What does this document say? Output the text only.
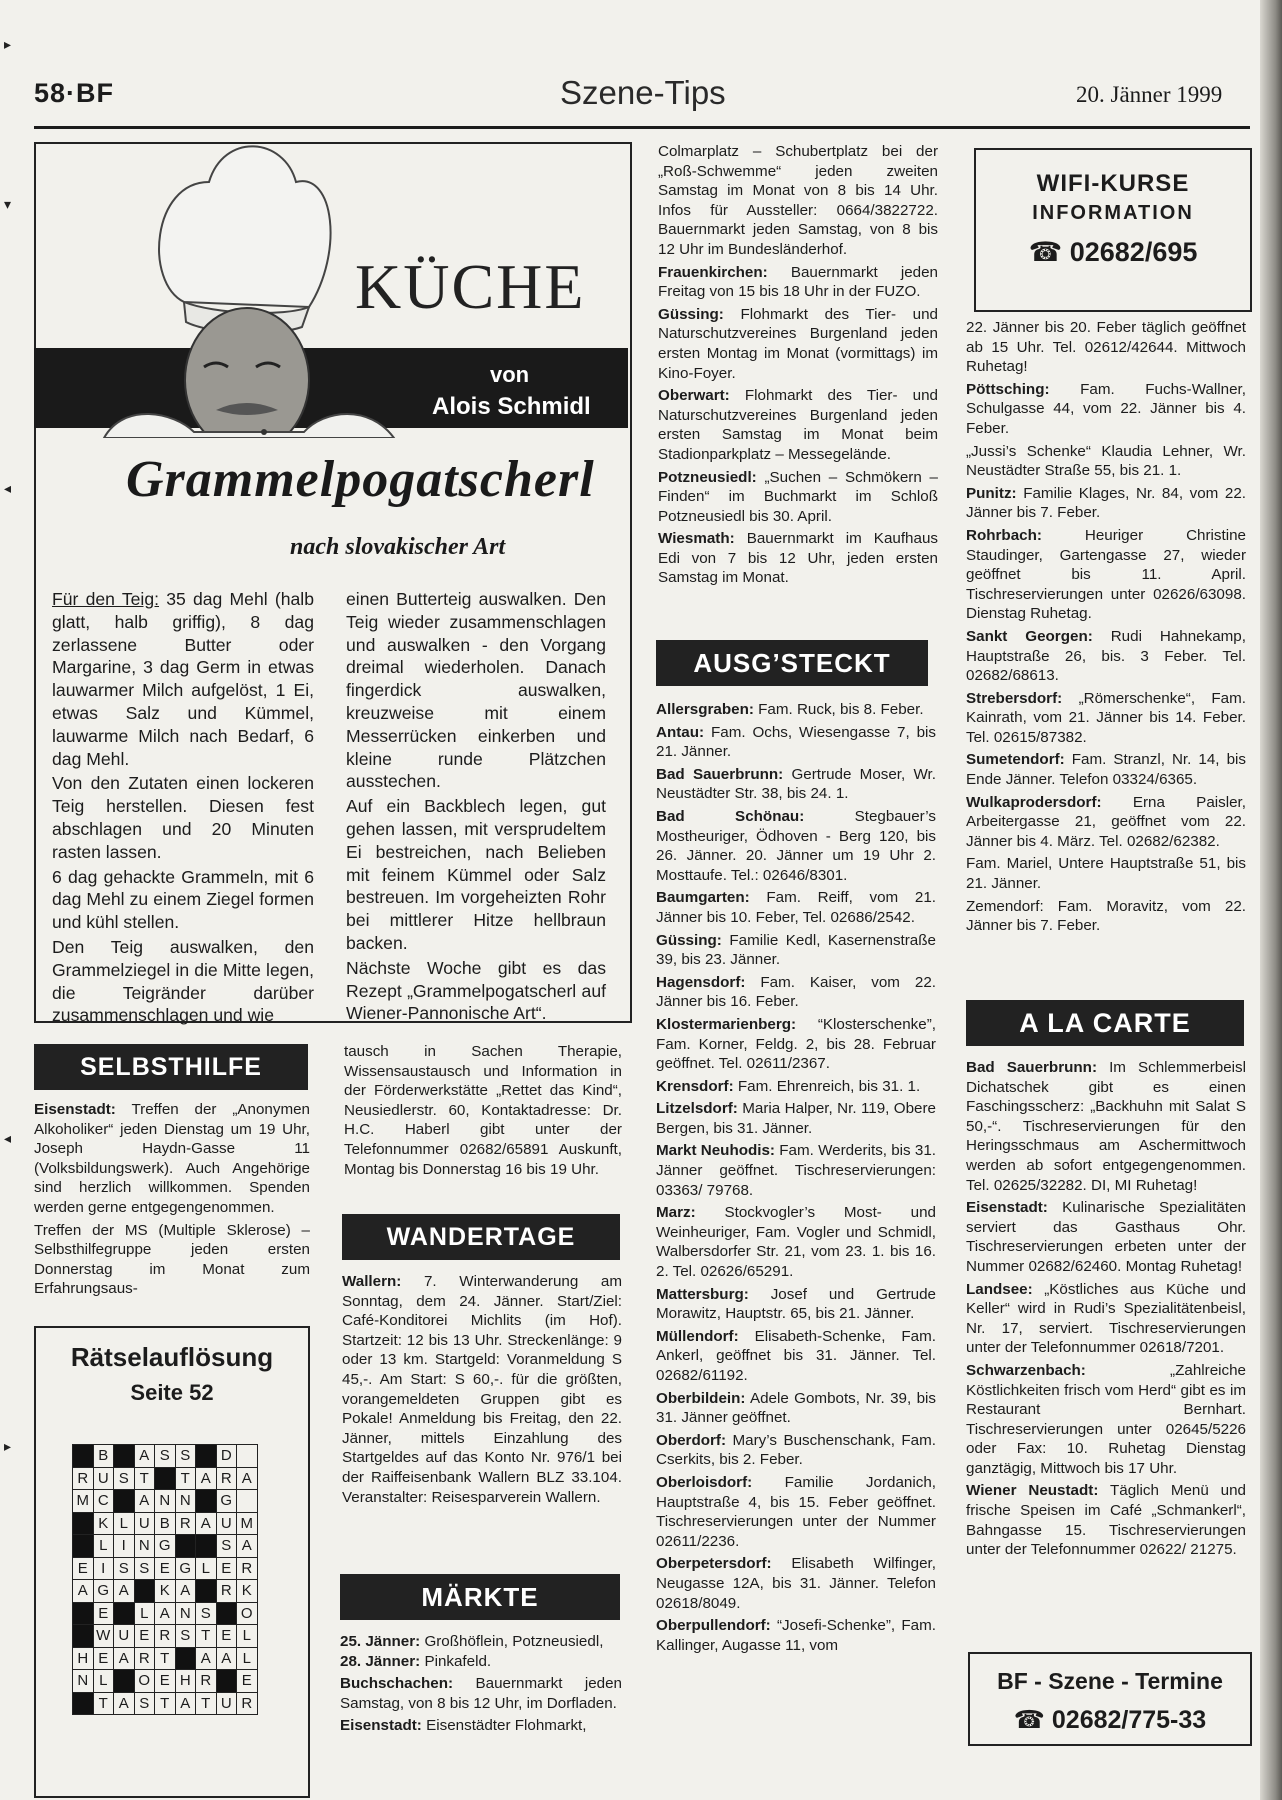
▸
▾
◂
◂
▸
58·BF	Szene-Tips	20. Jänner 1999
KÜCHE
von
Alois Schmidl
Grammelpogatscherl
nach slovakischer Art

Für den Teig: 35 dag Mehl (halb glatt, halb griffig), 8 dag zerlassene Butter oder Margarine, 3 dag Germ in etwas lauwarmer Milch aufgelöst, 1 Ei, etwas Salz und Kümmel, lauwarme Milch nach Bedarf, 6 dag Mehl.

Von den Zutaten einen lockeren Teig herstellen. Diesen fest abschlagen und 20 Minuten rasten lassen.

6 dag gehackte Grammeln, mit 6 dag Mehl zu einem Ziegel formen und kühl stellen.

Den Teig auswalken, den Grammelziegel in die Mitte legen, die Teigränder darüber zusammenschlagen und wie

einen Butterteig auswalken. Den Teig wieder zusammenschlagen und auswalken - den Vorgang dreimal wiederholen. Danach fingerdick auswalken, kreuzweise mit einem Messerrücken einkerben und kleine runde Plätzchen ausstechen.

Auf ein Backblech legen, gut gehen lassen, mit versprudeltem Ei bestreichen, nach Belieben mit feinem Kümmel oder Salz bestreuen. Im vorgeheizten Rohr bei mittlerer Hitze hellbraun backen.

Nächste Woche gibt es das Rezept „Grammelpogatscherl auf Wiener-Pannonische Art“.

Colmarplatz – Schubertplatz bei der „Roß-Schwemme“ jeden zweiten Samstag im Monat von 8 bis 14 Uhr. Infos für Aussteller: 0664/3822722. Bauernmarkt jeden Samstag, von 8 bis 12 Uhr im Bundesländerhof.

Frauenkirchen: Bauernmarkt jeden Freitag von 15 bis 18 Uhr in der FUZO.

Güssing: Flohmarkt des Tier- und Naturschutzvereines Burgenland jeden ersten Montag im Monat (vormittags) im Kino-Foyer.

Oberwart: Flohmarkt des Tier- und Naturschutzvereines Burgenland jeden ersten Samstag im Monat beim Stadionparkplatz – Messegelände.

Potzneusiedl: „Suchen – Schmökern – Finden“ im Buchmarkt im Schloß Potzneusiedl bis 30. April.

Wiesmath: Bauernmarkt im Kaufhaus Edi von 7 bis 12 Uhr, jeden ersten Samstag im Monat.

AUSG’STECKT

Allersgraben: Fam. Ruck, bis 8. Feber.

Antau: Fam. Ochs, Wiesengasse 7, bis 21. Jänner.

Bad Sauerbrunn: Gertrude Moser, Wr. Neustädter Str. 38, bis 24. 1.

Bad Schönau:	Stegbauer’s Mostheuriger, Ödhoven - Berg 120, bis 26. Jänner. 20. Jänner um 19 Uhr 2. Mosttaufe. Tel.: 02646/8301.

Baumgarten: Fam. Reiff, vom 21. Jänner bis 10. Feber, Tel. 02686/2542.

Güssing: Familie Kedl, Kasernenstraße 39, bis 23. Jänner.

Hagensdorf: Fam. Kaiser, vom 22. Jänner bis 16. Feber.

Klostermarienberg: “Klosterschenke”, Fam. Korner, Feldg. 2, bis 28. Februar geöffnet. Tel. 02611/2367.

Krensdorf: Fam. Ehrenreich, bis 31. 1.

Litzelsdorf: Maria Halper, Nr. 119, Obere Bergen, bis 31. Jänner.

Markt Neuhodis: Fam. Werderits, bis 31. Jänner geöffnet. Tischreservierungen: 03363/ 79768.

Marz: Stockvogler’s Most- und Weinheuriger, Fam. Vogler und Schmidl, Walbersdorfer Str. 21, vom 23. 1. bis 16. 2. Tel. 02626/65291.

Mattersburg: Josef und Gertrude Morawitz, Hauptstr. 65, bis 21. Jänner.

Müllendorf: Elisabeth-Schenke, Fam. Ankerl, geöffnet bis 31. Jänner. Tel. 02682/61192.

Oberbildein: Adele Gombots, Nr. 39, bis 31. Jänner geöffnet.

Oberdorf: Mary’s Buschenschank, Fam. Cserkits, bis 2. Feber.

Oberloisdorf: Familie Jordanich, Hauptstraße 4, bis 15. Feber geöffnet. Tischreservierungen unter der Nummer 02611/2236.

Oberpetersdorf: Elisabeth Wilfinger, Neugasse 12A, bis 31. Jänner. Telefon 02618/8049.

Oberpullendorf: “Josefi-Schenke”, Fam. Kallinger, Augasse 11, vom

WIFI-KURSE
INFORMATION
☎ 02682/695

22. Jänner bis 20. Feber täglich geöffnet ab 15 Uhr. Tel. 02612/42644. Mittwoch Ruhetag!

Pöttsching: Fam. Fuchs-Wallner, Schulgasse 44, vom 22. Jänner bis 4. Feber.

„Jussi’s Schenke“ Klaudia Lehner, Wr. Neustädter Straße 55, bis 21. 1.

Punitz: Familie Klages, Nr. 84, vom 22. Jänner bis 7. Feber.

Rohrbach:	Heuriger Christine Staudinger, Gartengasse 27, wieder geöffnet bis 11. April. Tischreservierungen unter 02626/63098. Dienstag Ruhetag.

Sankt Georgen: Rudi Hahnekamp, Hauptstraße 26, bis. 3 Feber. Tel. 02682/68613.

Strebersdorf: „Römerschenke“, Fam. Kainrath, vom 21. Jänner bis 14. Feber. Tel. 02615/87382.

Sumetendorf: Fam. Stranzl, Nr. 14, bis Ende Jänner. Telefon 03324/6365.

Wulkaprodersdorf: Erna Paisler, Arbeitergasse 21, geöffnet vom 22. Jänner bis 4. März. Tel. 02682/62382.

Fam. Mariel, Untere Hauptstraße 51, bis 21. Jänner.

Zemendorf: Fam. Moravitz, vom 22. Jänner bis 7. Feber.

A LA CARTE

Bad Sauerbrunn: Im Schlemmerbeisl Dichatschek gibt es einen Faschingsscherz: „Backhuhn mit Salat S 50,-“. Tischreservierungen für den Heringsschmaus am Aschermittwoch werden ab sofort entgegengenommen. Tel. 02625/32282. DI, MI Ruhetag!

Eisenstadt: Kulinarische Spezialitäten serviert das Gasthaus Ohr. Tischreservierungen erbeten unter der Nummer 02682/62460. Montag Ruhetag!

Landsee: „Köstliches aus Küche und Keller“ wird in Rudi’s Spezialitätenbeisl, Nr. 17, serviert. Tischreservierungen unter der Telefonnummer 02618/7201.

Schwarzenbach:	„Zahlreiche Köstlichkeiten frisch vom Herd“ gibt es im Restaurant Bernhart. Tischreservierungen unter 02645/5226 oder Fax: 10. Ruhetag Dienstag ganztägig, Mittwoch bis 17 Uhr.

Wiener Neustadt: Täglich Menü und frische Speisen im Café „Schmankerl“, Bahngasse 15. Tischreservierungen unter der Telefonnummer 02622/ 21275.

BF - Szene - Termine
☎ 02682/775-33
SELBSTHILFE

Eisenstadt: Treffen der „Anonymen Alkoholiker“ jeden Dienstag um 19 Uhr, Joseph Haydn-Gasse 11 (Volksbildungswerk). Auch Angehörige sind herzlich willkommen. Spenden werden gerne entgegengenommen.

Treffen der MS (Multiple Sklerose) – Selbsthilfegruppe jeden ersten Donnerstag im Monat zum Erfahrungsaus-

tausch in Sachen Therapie, Wissensaustausch und Information in der Förderwerkstätte „Rettet das Kind“, Neusiedlerstr. 60, Kontaktadresse: Dr. H.C. Haberl gibt unter der Telefonnummer 02682/65891 Auskunft, Montag bis Donnerstag 16 bis 19 Uhr.

WANDERTAGE

Wallern: 7. Winterwanderung am Sonntag, dem 24. Jänner. Start/Ziel: Café-Konditorei Michlits (im Hof). Startzeit: 12 bis 13 Uhr. Streckenlänge: 9 oder 13 km. Startgeld: Voranmeldung S 45,-. Am Start: S 60,-. für die größten, vorangemeldeten Gruppen gibt es Pokale! Anmeldung bis Freitag, den 22. Jänner, mittels Einzahlung des Startgeldes auf das Konto Nr. 976/1 bei der Raiffeisenbank Wallern BLZ 33.104. Veranstalter: Reisesparverein Wallern.

MÄRKTE

25. Jänner: Großhöflein, Potzneusiedl,

28. Jänner: Pinkafeld.

Buchschachen: Bauernmarkt jeden Samstag, von 8 bis 12 Uhr, im Dorfladen.

Eisenstadt: Eisenstädter Flohmarkt,

Rätselauflösung
Seite 52
	B		A	S	S		D	
R	U	S	T		T	A	R	A
M	C		A	N	N		G	
	K	L	U	B	R	A	U	M
	L	I	N	G			S	A
E	I	S	S	E	G	L	E	R
A	G	A		K	A		R	K
	E		L	A	N	S		O
	W	U	E	R	S	T	E	L
H	E	A	R	T		A	A	L
N	L		O	E	H	R		E
	T	A	S	T	A	T	U	R
